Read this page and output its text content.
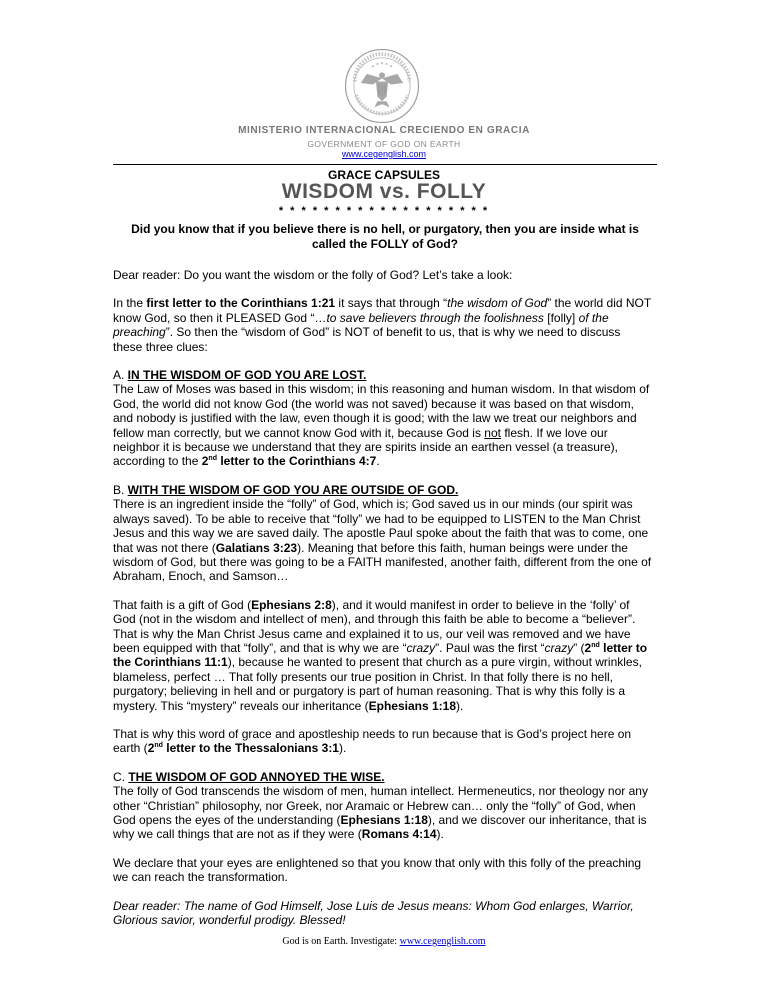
MINISTERIO INTERNACIONAL CRECIENDO EN GRACIA
GOVERNMENT OF GOD ON EARTH
www.cegenglish.com
GRACE CAPSULES
WISDOM vs. FOLLY
* * * * * * * * * * * * * * * * * * *
Did you know that if you believe there is no hell, or purgatory, then you are inside what is called the FOLLY of God?

Dear reader: Do you want the wisdom or the folly of God? Let’s take a look:

In the first letter to the Corinthians 1:21 it says that through “the wisdom of God” the world did NOT know God, so then it PLEASED God “…to save believers through the foolishness [folly] of the preaching”. So then the “wisdom of God” is NOT of benefit to us, that is why we need to discuss these three clues:

A. IN THE WISDOM OF GOD YOU ARE LOST.

The Law of Moses was based in this wisdom; in this reasoning and human wisdom. In that wisdom of God, the world did not know God (the world was not saved) because it was based on that wisdom, and nobody is justified with the law, even though it is good; with the law we treat our neighbors and fellow man correctly, but we cannot know God with it, because God is not flesh. If we love our neighbor it is because we understand that they are spirits inside an earthen vessel (a treasure), according to the 2nd letter to the Corinthians 4:7.

B. WITH THE WISDOM OF GOD YOU ARE OUTSIDE OF GOD.

There is an ingredient inside the “folly” of God, which is; God saved us in our minds (our spirit was always saved). To be able to receive that “folly” we had to be equipped to LISTEN to the Man Christ Jesus and this way we are saved daily. The apostle Paul spoke about the faith that was to come, one that was not there (Galatians 3:23). Meaning that before this faith, human beings were under the wisdom of God, but there was going to be a FAITH manifested, another faith, different from the one of Abraham, Enoch, and Samson…

That faith is a gift of God (Ephesians 2:8), and it would manifest in order to believe in the ‘folly’ of God (not in the wisdom and intellect of men), and through this faith be able to become a “believer”. That is why the Man Christ Jesus came and explained it to us, our veil was removed and we have been equipped with that “folly”, and that is why we are “crazy”. Paul was the first “crazy” (2nd letter to the Corinthians 11:1), because he wanted to present that church as a pure virgin, without wrinkles, blameless, perfect … That folly presents our true position in Christ. In that folly there is no hell, purgatory; believing in hell and or purgatory is part of human reasoning. That is why this folly is a mystery. This “mystery” reveals our inheritance (Ephesians 1:18).

That is why this word of grace and apostleship needs to run because that is God’s project here on earth (2nd letter to the Thessalonians 3:1).

C. THE WISDOM OF GOD ANNOYED THE WISE.

The folly of God transcends the wisdom of men, human intellect. Hermeneutics, nor theology nor any other “Christian” philosophy, nor Greek, nor Aramaic or Hebrew can… only the “folly” of God, when God opens the eyes of the understanding (Ephesians 1:18), and we discover our inheritance, that is why we call things that are not as if they were (Romans 4:14).

We declare that your eyes are enlightened so that you know that only with this folly of the preaching we can reach the transformation.

Dear reader: The name of God Himself, Jose Luis de Jesus means: Whom God enlarges, Warrior, Glorious savior, wonderful prodigy. Blessed!

God is on Earth. Investigate: www.cegenglish.com
